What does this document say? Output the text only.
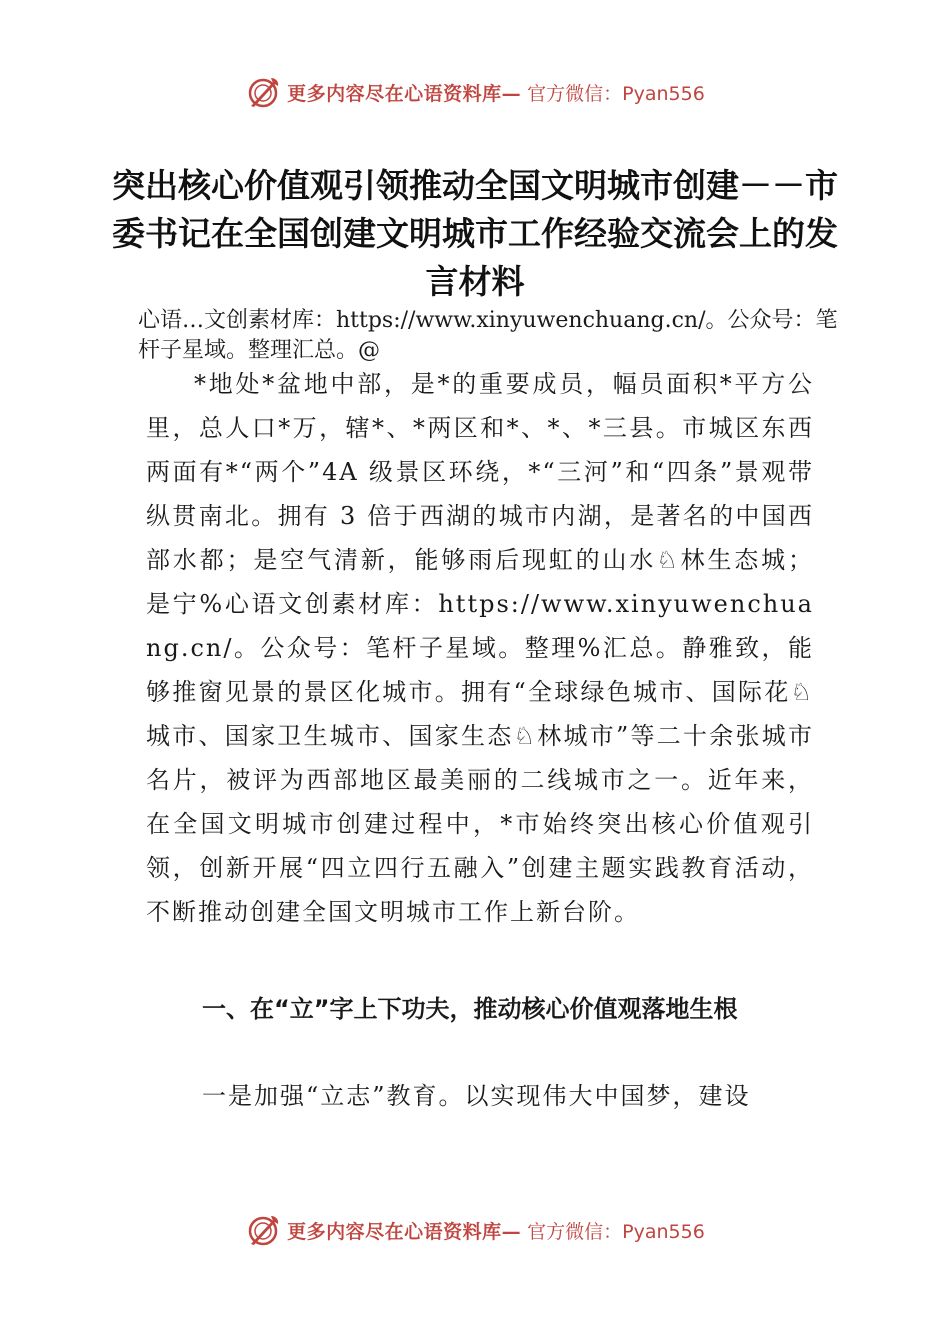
更多内容尽在心语资料库— 官方微信：Pyan556
突出核心价值观引领推动全国文明城市创建－－市委书记在全国创建文明城市工作经验交流会上的发言材料

心语…文创素材库：https://www.xinyuwenchuang.cn/。公众号：笔杆子星域。整理汇总。@

*地处*盆地中部，是*的重要成员，幅员面积*平方公里，总人口*万，辖*、*两区和*、*、*三县。市城区东西两面有*“两个”4A 级景区环绕，*“三河”和“四条”景观带纵贯南北。拥有 3 倍于西湖的城市内湖，是著名的中国西部水都；是空气清新，能够雨后现虹的山水♘林生态城；是宁%心语文创素材库：https://www.xinyuwenchuang.cn/。公众号：笔杆子星域。整理%汇总。静雅致，能够推窗见景的景区化城市。拥有“全球绿色城市、国际花♘城市、国家卫生城市、国家生态♘林城市”等二十余张城市名片，被评为西部地区最美丽的二线城市之一。近年来，在全国文明城市创建过程中，*市始终突出核心价值观引领，创新开展“四立四行五融入”创建主题实践教育活动，不断推动创建全国文明城市工作上新台阶。

一、在“立”字上下功夫，推动核心价值观落地生根

一是加强“立志”教育。以实现伟大中国梦，建设

更多内容尽在心语资料库— 官方微信：Pyan556
